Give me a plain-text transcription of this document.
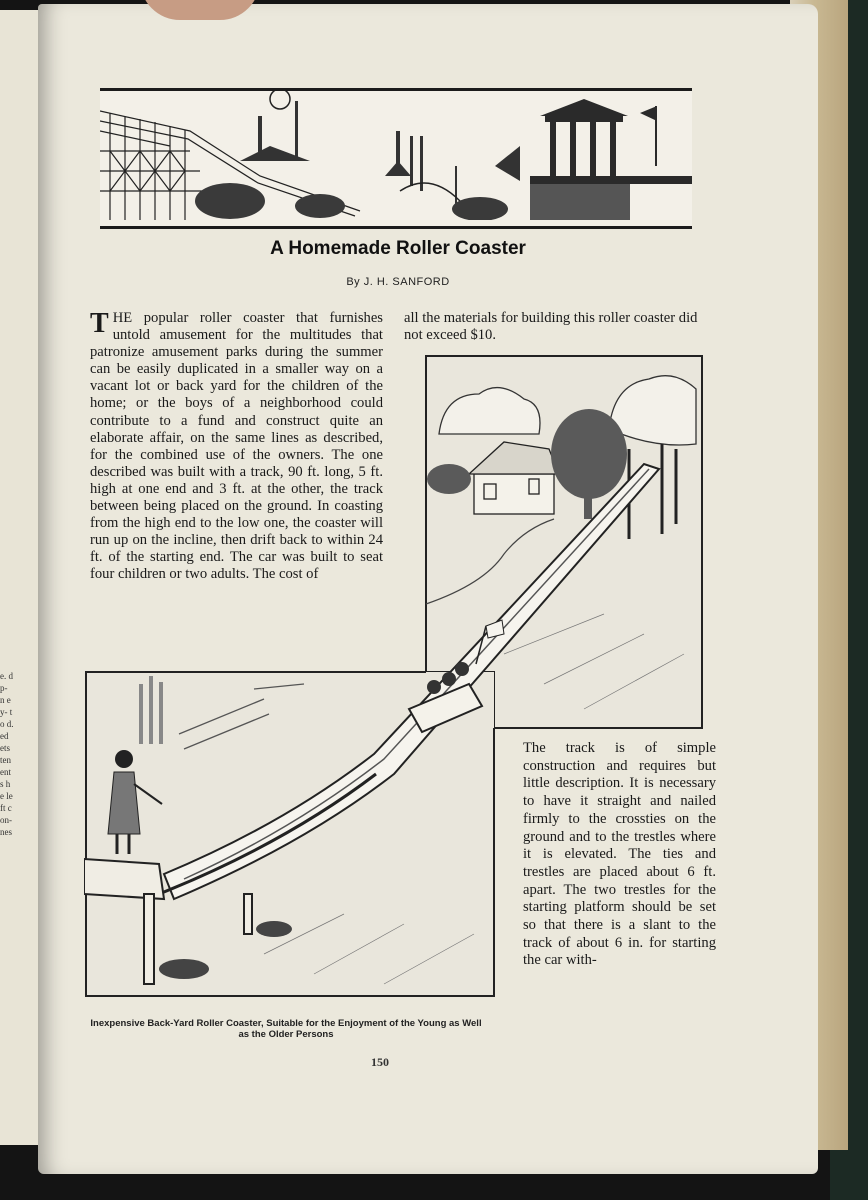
e. d p- n e y- to d. ed ets ten ents he left con- nes
A Homemade Roller Coaster
By J. H. SANFORD
THE popular roller coaster that furnishes untold amusement for the multitudes that patronize amusement parks during the summer can be easily duplicated in a smaller way on a vacant lot or back yard for the children of the home; or the boys of a neighborhood could contribute to a fund and construct quite an elaborate affair, on the same lines as described, for the combined use of the owners. The one described was built with a track, 90 ft. long, 5 ft. high at one end and 3 ft. at the other, the track between being placed on the ground. In coasting from the high end to the low one, the coaster will run up on the incline, then drift back to within 24 ft. of the starting end. The car was built to seat four children or two adults. The cost of
all the materials for building this roller coaster did not exceed $10.
The track is of simple construction and requires but little description. It is necessary to have it straight and nailed firmly to the crossties on the ground and to the trestles where it is elevated. The ties and trestles are placed about 6 ft. apart. The two trestles for the starting platform should be set so that there is a slant to the track of about 6 in. for starting the car with-
Inexpensive Back-Yard Roller Coaster, Suitable for the Enjoyment of the Young as Well as the Older Persons
150
